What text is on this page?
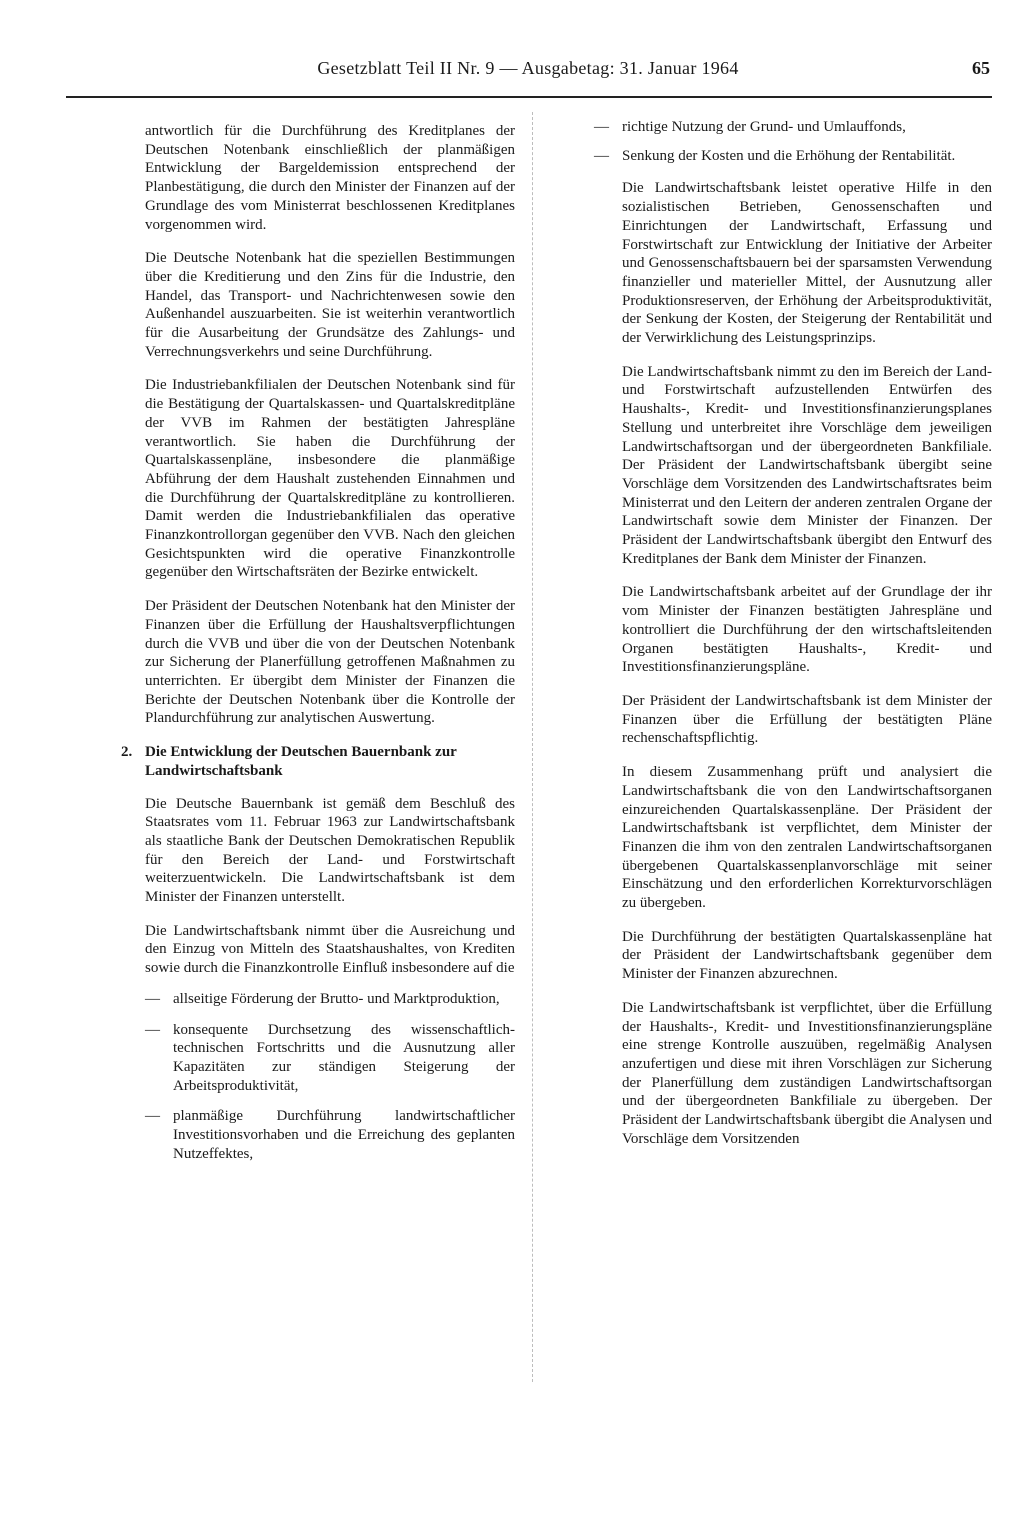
Gesetzblatt Teil II Nr. 9 — Ausgabetag: 31. Januar 1964	65

antwortlich für die Durchführung des Kreditplanes der Deutschen Notenbank einschließlich der planmäßigen Entwicklung der Bargeldemission entsprechend der Planbestätigung, die durch den Minister der Finanzen auf der Grundlage des vom Ministerrat beschlossenen Kreditplanes vorgenommen wird.

Die Deutsche Notenbank hat die speziellen Bestimmungen über die Kreditierung und den Zins für die Industrie, den Handel, das Transport- und Nachrichtenwesen sowie den Außenhandel auszuarbeiten. Sie ist weiterhin verantwortlich für die Ausarbeitung der Grundsätze des Zahlungs- und Verrechnungsverkehrs und seine Durchführung.

Die Industriebankfilialen der Deutschen Notenbank sind für die Bestätigung der Quartalskassen- und Quartalskreditpläne der VVB im Rahmen der bestätigten Jahrespläne verantwortlich. Sie haben die Durchführung der Quartalskassenpläne, insbesondere die planmäßige Abführung der dem Haushalt zustehenden Einnahmen und die Durchführung der Quartalskreditpläne zu kontrollieren. Damit werden die Industriebankfilialen das operative Finanzkontrollorgan gegenüber den VVB. Nach den gleichen Gesichtspunkten wird die operative Finanzkontrolle gegenüber den Wirtschaftsräten der Bezirke entwickelt.

Der Präsident der Deutschen Notenbank hat den Minister der Finanzen über die Erfüllung der Haushaltsverpflichtungen durch die VVB und über die von der Deutschen Notenbank zur Sicherung der Planerfüllung getroffenen Maßnahmen zu unterrichten. Er übergibt dem Minister der Finanzen die Berichte der Deutschen Notenbank über die Kontrolle der Plandurchführung zur analytischen Auswertung.

2. Die Entwicklung der Deutschen Bauernbank zur Landwirtschaftsbank

Die Deutsche Bauernbank ist gemäß dem Beschluß des Staatsrates vom 11. Februar 1963 zur Landwirtschaftsbank als staatliche Bank der Deutschen Demokratischen Republik für den Bereich der Land- und Forstwirtschaft weiterzuentwickeln. Die Landwirtschaftsbank ist dem Minister der Finanzen unterstellt.

Die Landwirtschaftsbank nimmt über die Ausreichung und den Einzug von Mitteln des Staatshaushaltes, von Krediten sowie durch die Finanzkontrolle Einfluß insbesondere auf die

— allseitige Förderung der Brutto- und Marktproduktion,
— konsequente Durchsetzung des wissenschaftlich-technischen Fortschritts und die Ausnutzung aller Kapazitäten zur ständigen Steigerung der Arbeitsproduktivität,
— planmäßige Durchführung landwirtschaftlicher Investitionsvorhaben und die Erreichung des geplanten Nutzeffektes,
— richtige Nutzung der Grund- und Umlauffonds,
— Senkung der Kosten und die Erhöhung der Rentabilität.

Die Landwirtschaftsbank leistet operative Hilfe in den sozialistischen Betrieben, Genossenschaften und Einrichtungen der Landwirtschaft, Erfassung und Forstwirtschaft zur Entwicklung der Initiative der Arbeiter und Genossenschaftsbauern bei der sparsamsten Verwendung finanzieller und materieller Mittel, der Ausnutzung aller Produktionsreserven, der Erhöhung der Arbeitsproduktivität, der Senkung der Kosten, der Steigerung der Rentabilität und der Verwirklichung des Leistungsprinzips.

Die Landwirtschaftsbank nimmt zu den im Bereich der Land- und Forstwirtschaft aufzustellenden Entwürfen des Haushalts-, Kredit- und Investitionsfinanzierungsplanes Stellung und unterbreitet ihre Vorschläge dem jeweiligen Landwirtschaftsorgan und der übergeordneten Bankfiliale. Der Präsident der Landwirtschaftsbank übergibt seine Vorschläge dem Vorsitzenden des Landwirtschaftsrates beim Ministerrat und den Leitern der anderen zentralen Organe der Landwirtschaft sowie dem Minister der Finanzen. Der Präsident der Landwirtschaftsbank übergibt den Entwurf des Kreditplanes der Bank dem Minister der Finanzen.

Die Landwirtschaftsbank arbeitet auf der Grundlage der ihr vom Minister der Finanzen bestätigten Jahrespläne und kontrolliert die Durchführung der den wirtschaftsleitenden Organen bestätigten Haushalts-, Kredit- und Investitionsfinanzierungspläne.

Der Präsident der Landwirtschaftsbank ist dem Minister der Finanzen über die Erfüllung der bestätigten Pläne rechenschaftspflichtig.

In diesem Zusammenhang prüft und analysiert die Landwirtschaftsbank die von den Landwirtschaftsorganen einzureichenden Quartalskassenpläne. Der Präsident der Landwirtschaftsbank ist verpflichtet, dem Minister der Finanzen die ihm von den zentralen Landwirtschaftsorganen übergebenen Quartalskassenplanvorschläge mit seiner Einschätzung und den erforderlichen Korrekturvorschlägen zu übergeben.

Die Durchführung der bestätigten Quartalskassenpläne hat der Präsident der Landwirtschaftsbank gegenüber dem Minister der Finanzen abzurechnen.

Die Landwirtschaftsbank ist verpflichtet, über die Erfüllung der Haushalts-, Kredit- und Investitionsfinanzierungspläne eine strenge Kontrolle auszuüben, regelmäßig Analysen anzufertigen und diese mit ihren Vorschlägen zur Sicherung der Planerfüllung dem zuständigen Landwirtschaftsorgan und der übergeordneten Bankfiliale zu übergeben. Der Präsident der Landwirtschaftsbank übergibt die Analysen und Vorschläge dem Vorsitzenden
